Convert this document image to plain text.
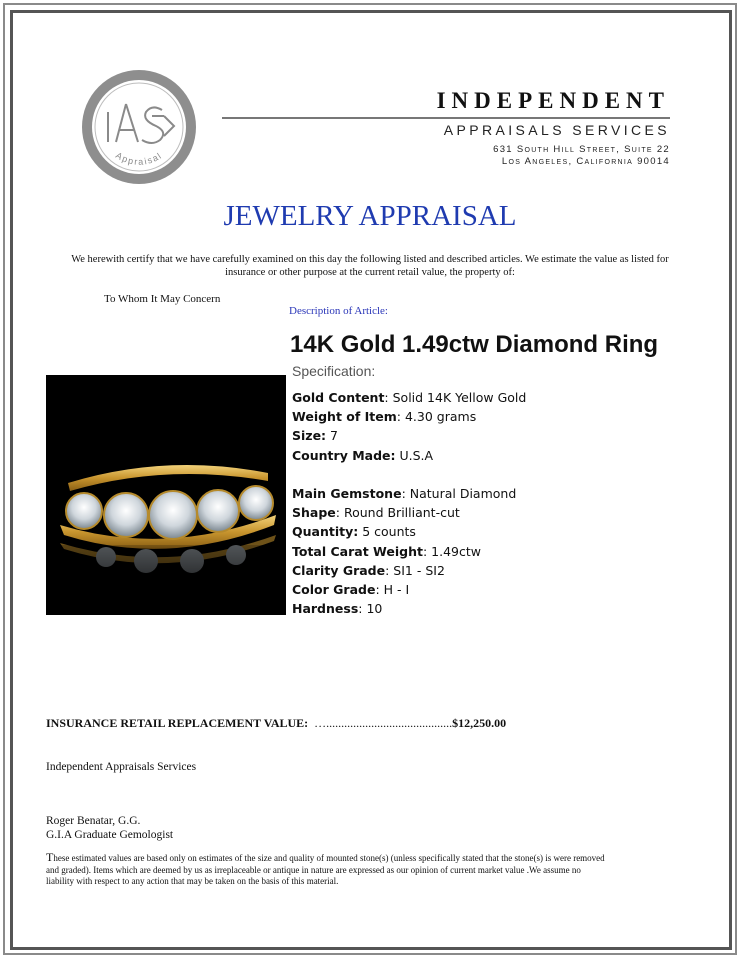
Appraisal
INDEPENDENT
APPRAISALS SERVICES
631 South Hill Street, Suite 22
Los Angeles, California 90014
JEWELRY APPRAISAL
We herewith certify that we have carefully examined on this day the following listed and described articles. We estimate the value as listed for insurance or other purpose at the current retail value, the property of:
To Whom It May Concern
Description of Article:
14K Gold 1.49ctw Diamond Ring
Specification:
Gold Content: Solid 14K Yellow Gold
Weight of Item: 4.30 grams
Size: 7
Country Made: U.S.A
Main Gemstone: Natural Diamond
Shape: Round Brilliant-cut
Quantity: 5 counts
Total Carat Weight: 1.49ctw
Clarity Grade: SI1 - SI2
Color Grade: H - I
Hardness: 10
INSURANCE RETAIL REPLACEMENT VALUE: …..........................................$12,250.00
Independent Appraisals Services
Roger Benatar, G.G.
G.I.A Graduate Gemologist
These estimated values are based only on estimates of the size and quality of mounted stone(s) (unless specifically stated that the stone(s) is were removed and graded). Items which are deemed by us as irreplaceable or antique in nature are expressed as our opinion of current market value .We assume no liability with respect to any action that may be taken on the basis of this material.
